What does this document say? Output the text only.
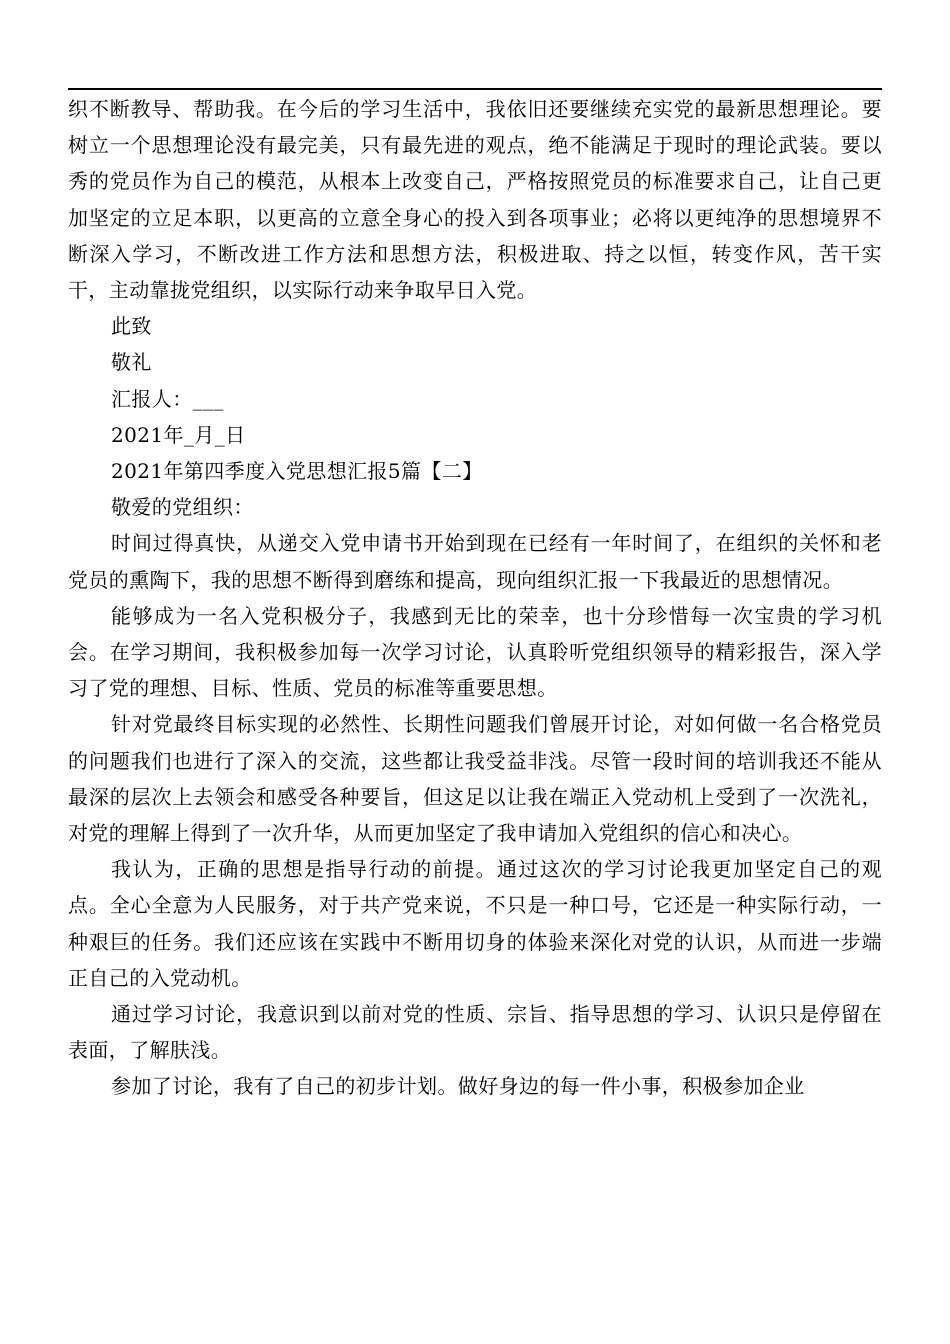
织不断教导、帮助我。在今后的学习生活中，我依旧还要继续充实党的最新思想理论。要树立一个思想理论没有最完美，只有最先进的观点，绝不能满足于现时的理论武装。要以秀的党员作为自己的模范，从根本上改变自己，严格按照党员的标准要求自己，让自己更加坚定的立足本职，以更高的立意全身心的投入到各项事业；必将以更纯净的思想境界不断深入学习，不断改进工作方法和思想方法，积极进取、持之以恒，转变作风，苦干实干，主动靠拢党组织，以实际行动来争取早日入党。

此致

敬礼

汇报人：___

2021年_月_日

2021年第四季度入党思想汇报5篇【二】

敬爱的党组织：

时间过得真快，从递交入党申请书开始到现在已经有一年时间了，在组织的关怀和老党员的熏陶下，我的思想不断得到磨练和提高，现向组织汇报一下我最近的思想情况。

能够成为一名入党积极分子，我感到无比的荣幸，也十分珍惜每一次宝贵的学习机会。在学习期间，我积极参加每一次学习讨论，认真聆听党组织领导的精彩报告，深入学习了党的理想、目标、性质、党员的标准等重要思想。

针对党最终目标实现的必然性、长期性问题我们曾展开讨论，对如何做一名合格党员的问题我们也进行了深入的交流，这些都让我受益非浅。尽管一段时间的培训我还不能从最深的层次上去领会和感受各种要旨，但这足以让我在端正入党动机上受到了一次洗礼，对党的理解上得到了一次升华，从而更加坚定了我申请加入党组织的信心和决心。

我认为，正确的思想是指导行动的前提。通过这次的学习讨论我更加坚定自己的观点。全心全意为人民服务，对于共产党来说，不只是一种口号，它还是一种实际行动，一种艰巨的任务。我们还应该在实践中不断用切身的体验来深化对党的认识，从而进一步端正自己的入党动机。

通过学习讨论，我意识到以前对党的性质、宗旨、指导思想的学习、认识只是停留在表面，了解肤浅。

参加了讨论，我有了自己的初步计划。做好身边的每一件小事，积极参加企业
